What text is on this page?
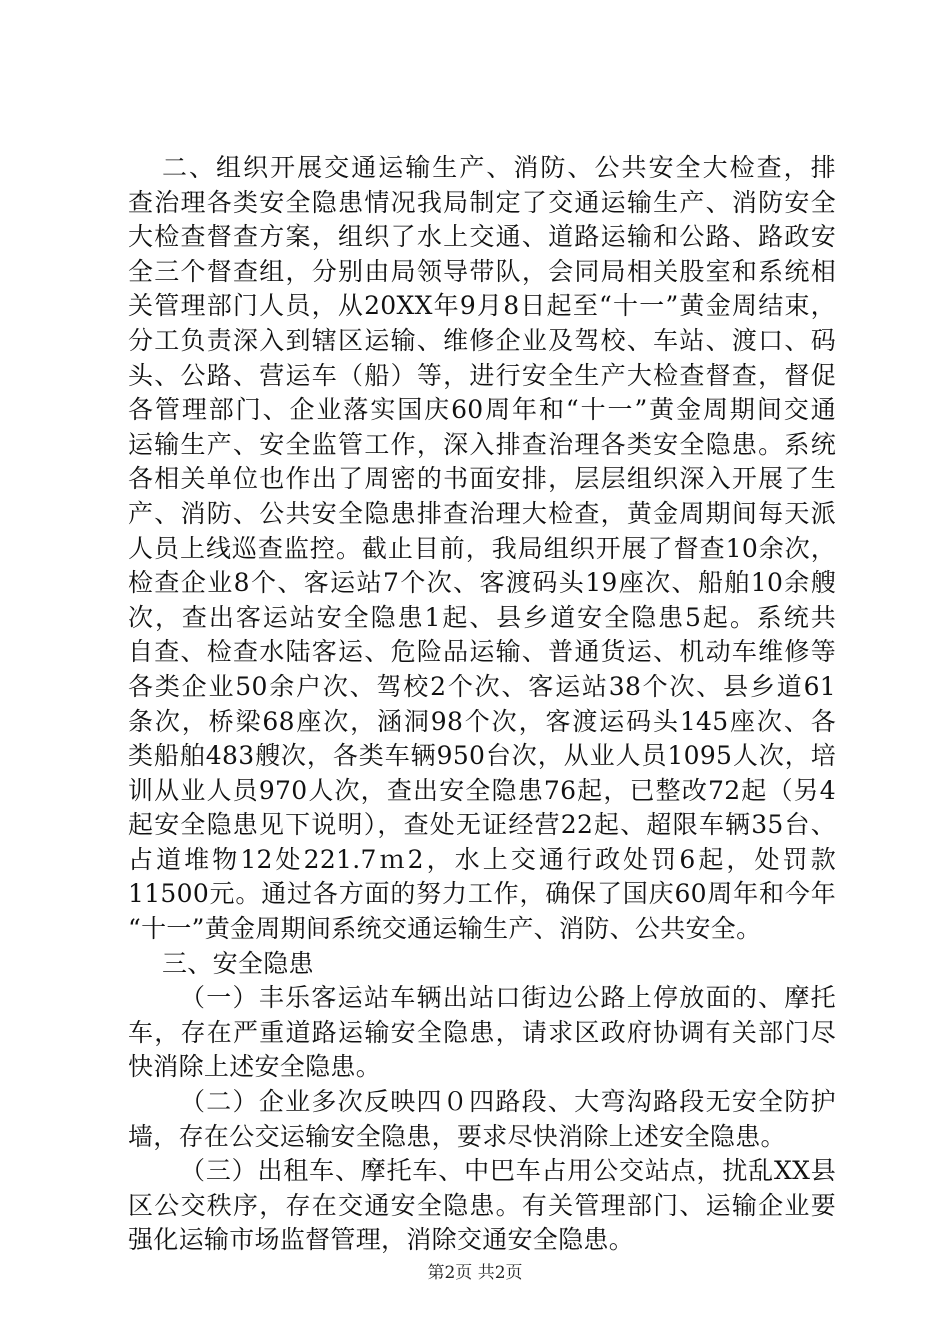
二、组织开展交通运输生产、消防、公共安全大检查，排
查治理各类安全隐患情况我局制定了交通运输生产、消防安全
大检查督查方案，组织了水上交通、道路运输和公路、路政安
全三个督查组，分别由局领导带队，会同局相关股室和系统相
关管理部门人员，从20XX年9月8日起至“十一”黄金周结束，
分工负责深入到辖区运输、维修企业及驾校、车站、渡口、码
头、公路、营运车（船）等，进行安全生产大检查督查，督促
各管理部门、企业落实国庆60周年和“十一”黄金周期间交通
运输生产、安全监管工作，深入排查治理各类安全隐患。系统
各相关单位也作出了周密的书面安排，层层组织深入开展了生
产、消防、公共安全隐患排查治理大检查，黄金周期间每天派
人员上线巡查监控。截止目前，我局组织开展了督查10余次，
检查企业8个、客运站7个次、客渡码头19座次、船舶10余艘
次，查出客运站安全隐患1起、县乡道安全隐患5起。系统共
自查、检查水陆客运、危险品运输、普通货运、机动车维修等
各类企业50余户次、驾校2个次、客运站38个次、县乡道61
条次，桥梁68座次，涵洞98个次，客渡运码头145座次、各
类船舶483艘次，各类车辆950台次，从业人员1095人次，培
训从业人员970人次，查出安全隐患76起，已整改72起（另4
起安全隐患见下说明），查处无证经营22起、超限车辆35台、
占道堆物12处221.7ｍ2，水上交通行政处罚6起，处罚款
11500元。通过各方面的努力工作，确保了国庆60周年和今年
“十一”黄金周期间系统交通运输生产、消防、公共安全。
三、安全隐患
（一）丰乐客运站车辆出站口街边公路上停放面的、摩托
车，存在严重道路运输安全隐患，请求区政府协调有关部门尽
快消除上述安全隐患。
（二）企业多次反映四０四路段、大弯沟路段无安全防护
墙，存在公交运输安全隐患，要求尽快消除上述安全隐患。
（三）出租车、摩托车、中巴车占用公交站点，扰乱XX县
区公交秩序，存在交通安全隐患。有关管理部门、运输企业要
强化运输市场监督管理，消除交通安全隐患。
第2页 共2页
